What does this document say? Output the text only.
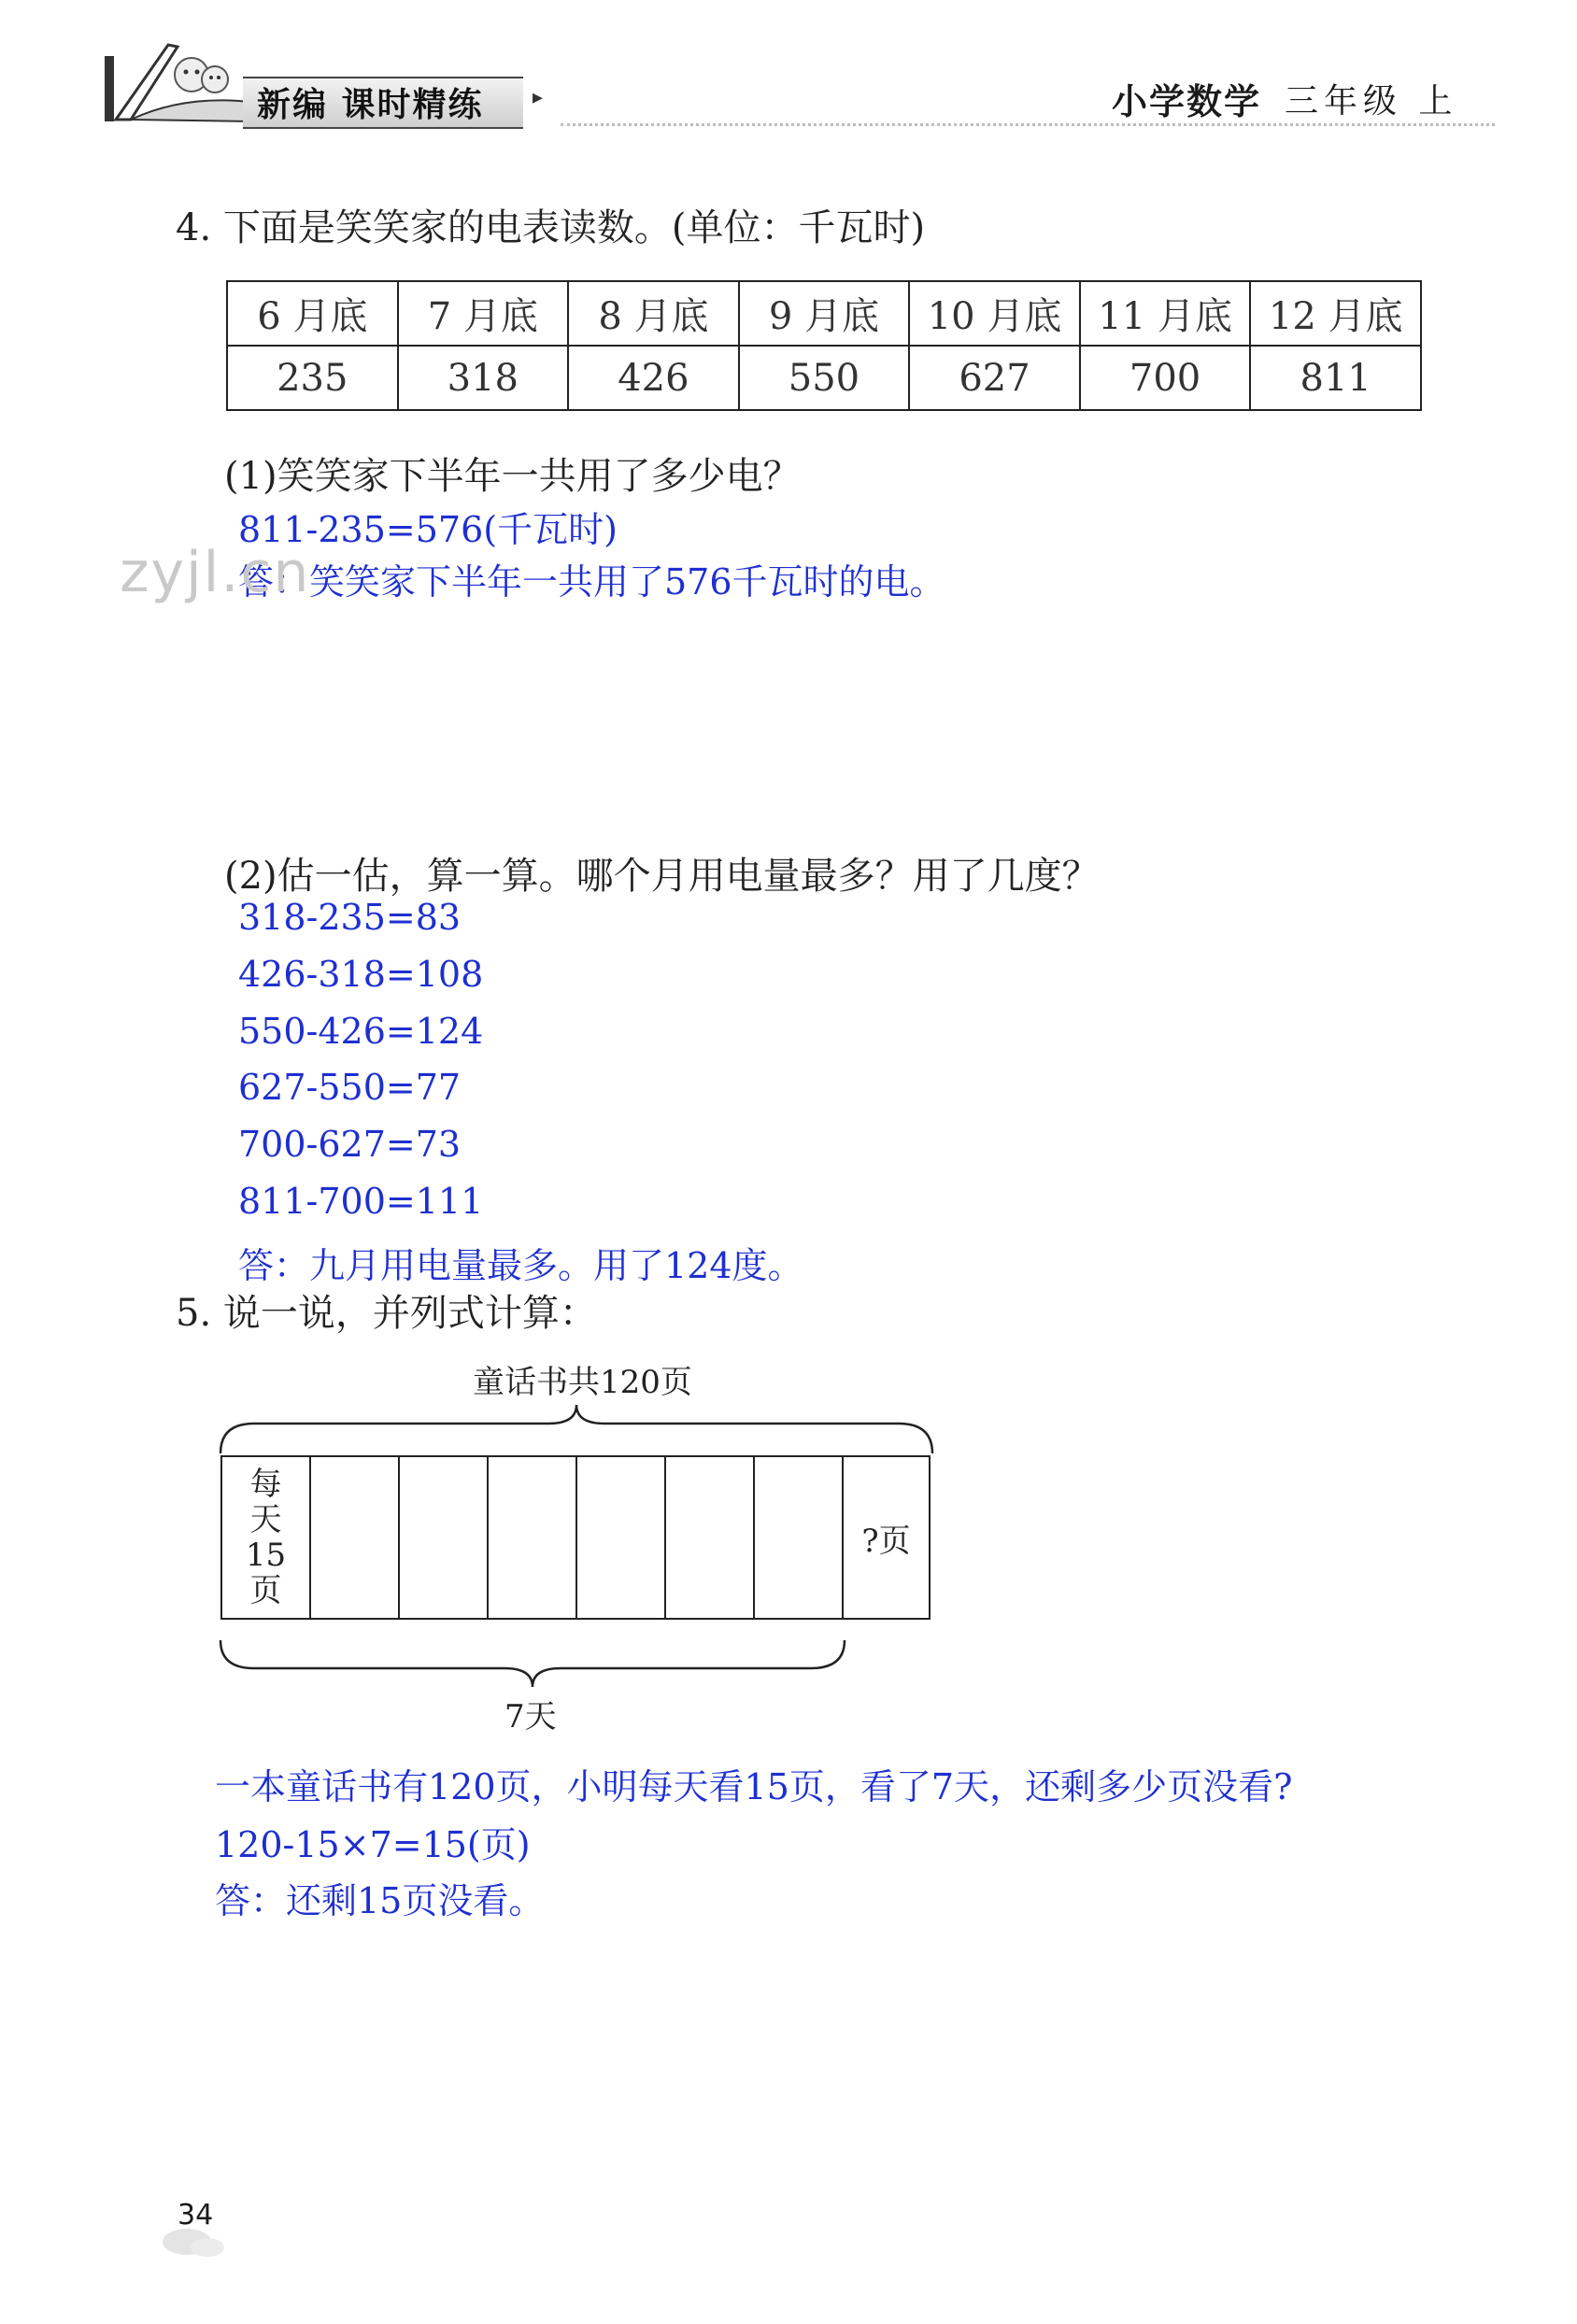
新编 课时精练 ▸	小学数学 三年级 上
4. 下面是笑笑家的电表读数。(单位：千瓦时)
6 月底	7 月底	8 月底	9 月底	10 月底	11 月底	12 月底
235	318	426	550	627	700	811
(1)笑笑家下半年一共用了多少电？
811-235=576(千瓦时)
答：笑笑家下半年一共用了576千瓦时的电。
zyjl.cn
(2)估一估，算一算。哪个月用电量最多？用了几度？
318-235=83
426-318=108
550-426=124
627-550=77
700-627=73
811-700=111
答：九月用电量最多。用了124度。
5. 说一说，并列式计算：
童话书共120页
每
天
15
页
?页
7天
一本童话书有120页，小明每天看15页，看了7天，还剩多少页没看?
120-15×7=15(页)
答：还剩15页没看。
34
